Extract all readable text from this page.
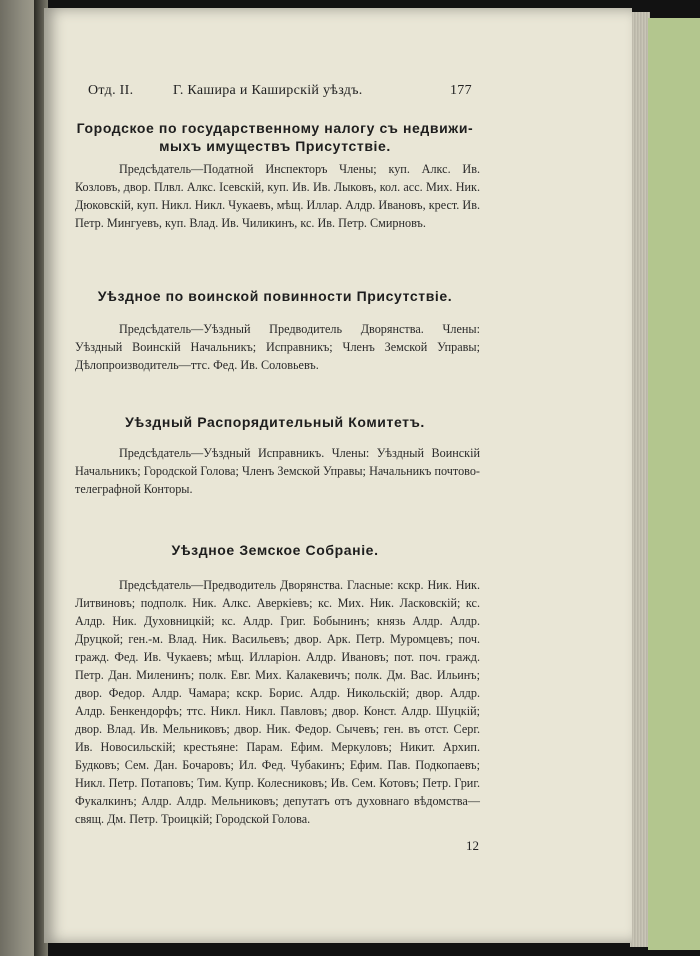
Отд. II.	Г. Кашира и Каширскій уѣздъ.	177
Городское по государственному налогу съ недвижи-
мыхъ имуществъ Присутствіе.
Предсѣдатель—Податной Инспекторъ Члены; куп. Алкс. Ив. Козловъ, двор. Плвл. Алкс. Ісевскій, куп. Ив. Ив. Лыковъ, кол. асс. Мих. Ник. Дюковскій, куп. Никл. Никл. Чукаевъ, мѣщ. Иллар. Алдр. Ивановъ, крест. Ив. Петр. Мингуевъ, куп. Влад. Ив. Чиликинъ, кс. Ив. Петр. Смирновъ.
Уѣздное по воинской повинности Присутствіе.
Предсѣдатель—Уѣздный Предводитель Дворянства. Члены: Уѣздный Воинскій Начальникъ; Исправникъ; Членъ Земской Управы; Дѣлопроизводитель—ттс. Фед. Ив. Соловьевъ.
Уѣздный Распорядительный Комитетъ.
Предсѣдатель—Уѣздный Исправникъ. Члены: Уѣздный Воинскій Начальникъ; Городской Голова; Членъ Земской Управы; Начальникъ почтово-телеграфной Конторы.
Уѣздное Земское Собраніе.
Предсѣдатель—Предводитель Дворянства. Гласные: кскр. Ник. Ник. Литвиновъ; подполк. Ник. Алкс. Аверкіевъ; кс. Мих. Ник. Ласковскій; кс. Алдр. Ник. Духовницкій; кс. Алдр. Григ. Бобынинъ; князь Алдр. Алдр. Друцкой; ген.-м. Влад. Ник. Васильевъ; двор. Арк. Петр. Муромцевъ; поч. гражд. Фед. Ив. Чукаевъ; мѣщ. Илларіон. Алдр. Ивановъ; пот. поч. гражд. Петр. Дан. Миленинъ; полк. Евг. Мих. Калакевичъ; полк. Дм. Вас. Ильинъ; двор. Федор. Алдр. Чамара; кскр. Борис. Алдр. Никольскій; двор. Алдр. Алдр. Бенкендорфъ; ттс. Никл. Никл. Павловъ; двор. Конст. Алдр. Шуцкій; двор. Влад. Ив. Мельниковъ; двор. Ник. Федор. Сычевъ; ген. въ отст. Серг. Ив. Новосильскій; крестьяне: Парам. Ефим. Меркуловъ; Никит. Архип. Будковъ; Сем. Дан. Бочаровъ; Ил. Фед. Чубакинъ; Ефим. Пав. Подкопаевъ; Никл. Петр. Потаповъ; Тим. Купр. Колесниковъ; Ив. Сем. Котовъ; Петр. Григ. Фукалкинъ; Алдр. Алдр. Мельниковъ; депутатъ отъ духовнаго вѣдомства—свящ. Дм. Петр. Троицкій; Городской Голова.
12
